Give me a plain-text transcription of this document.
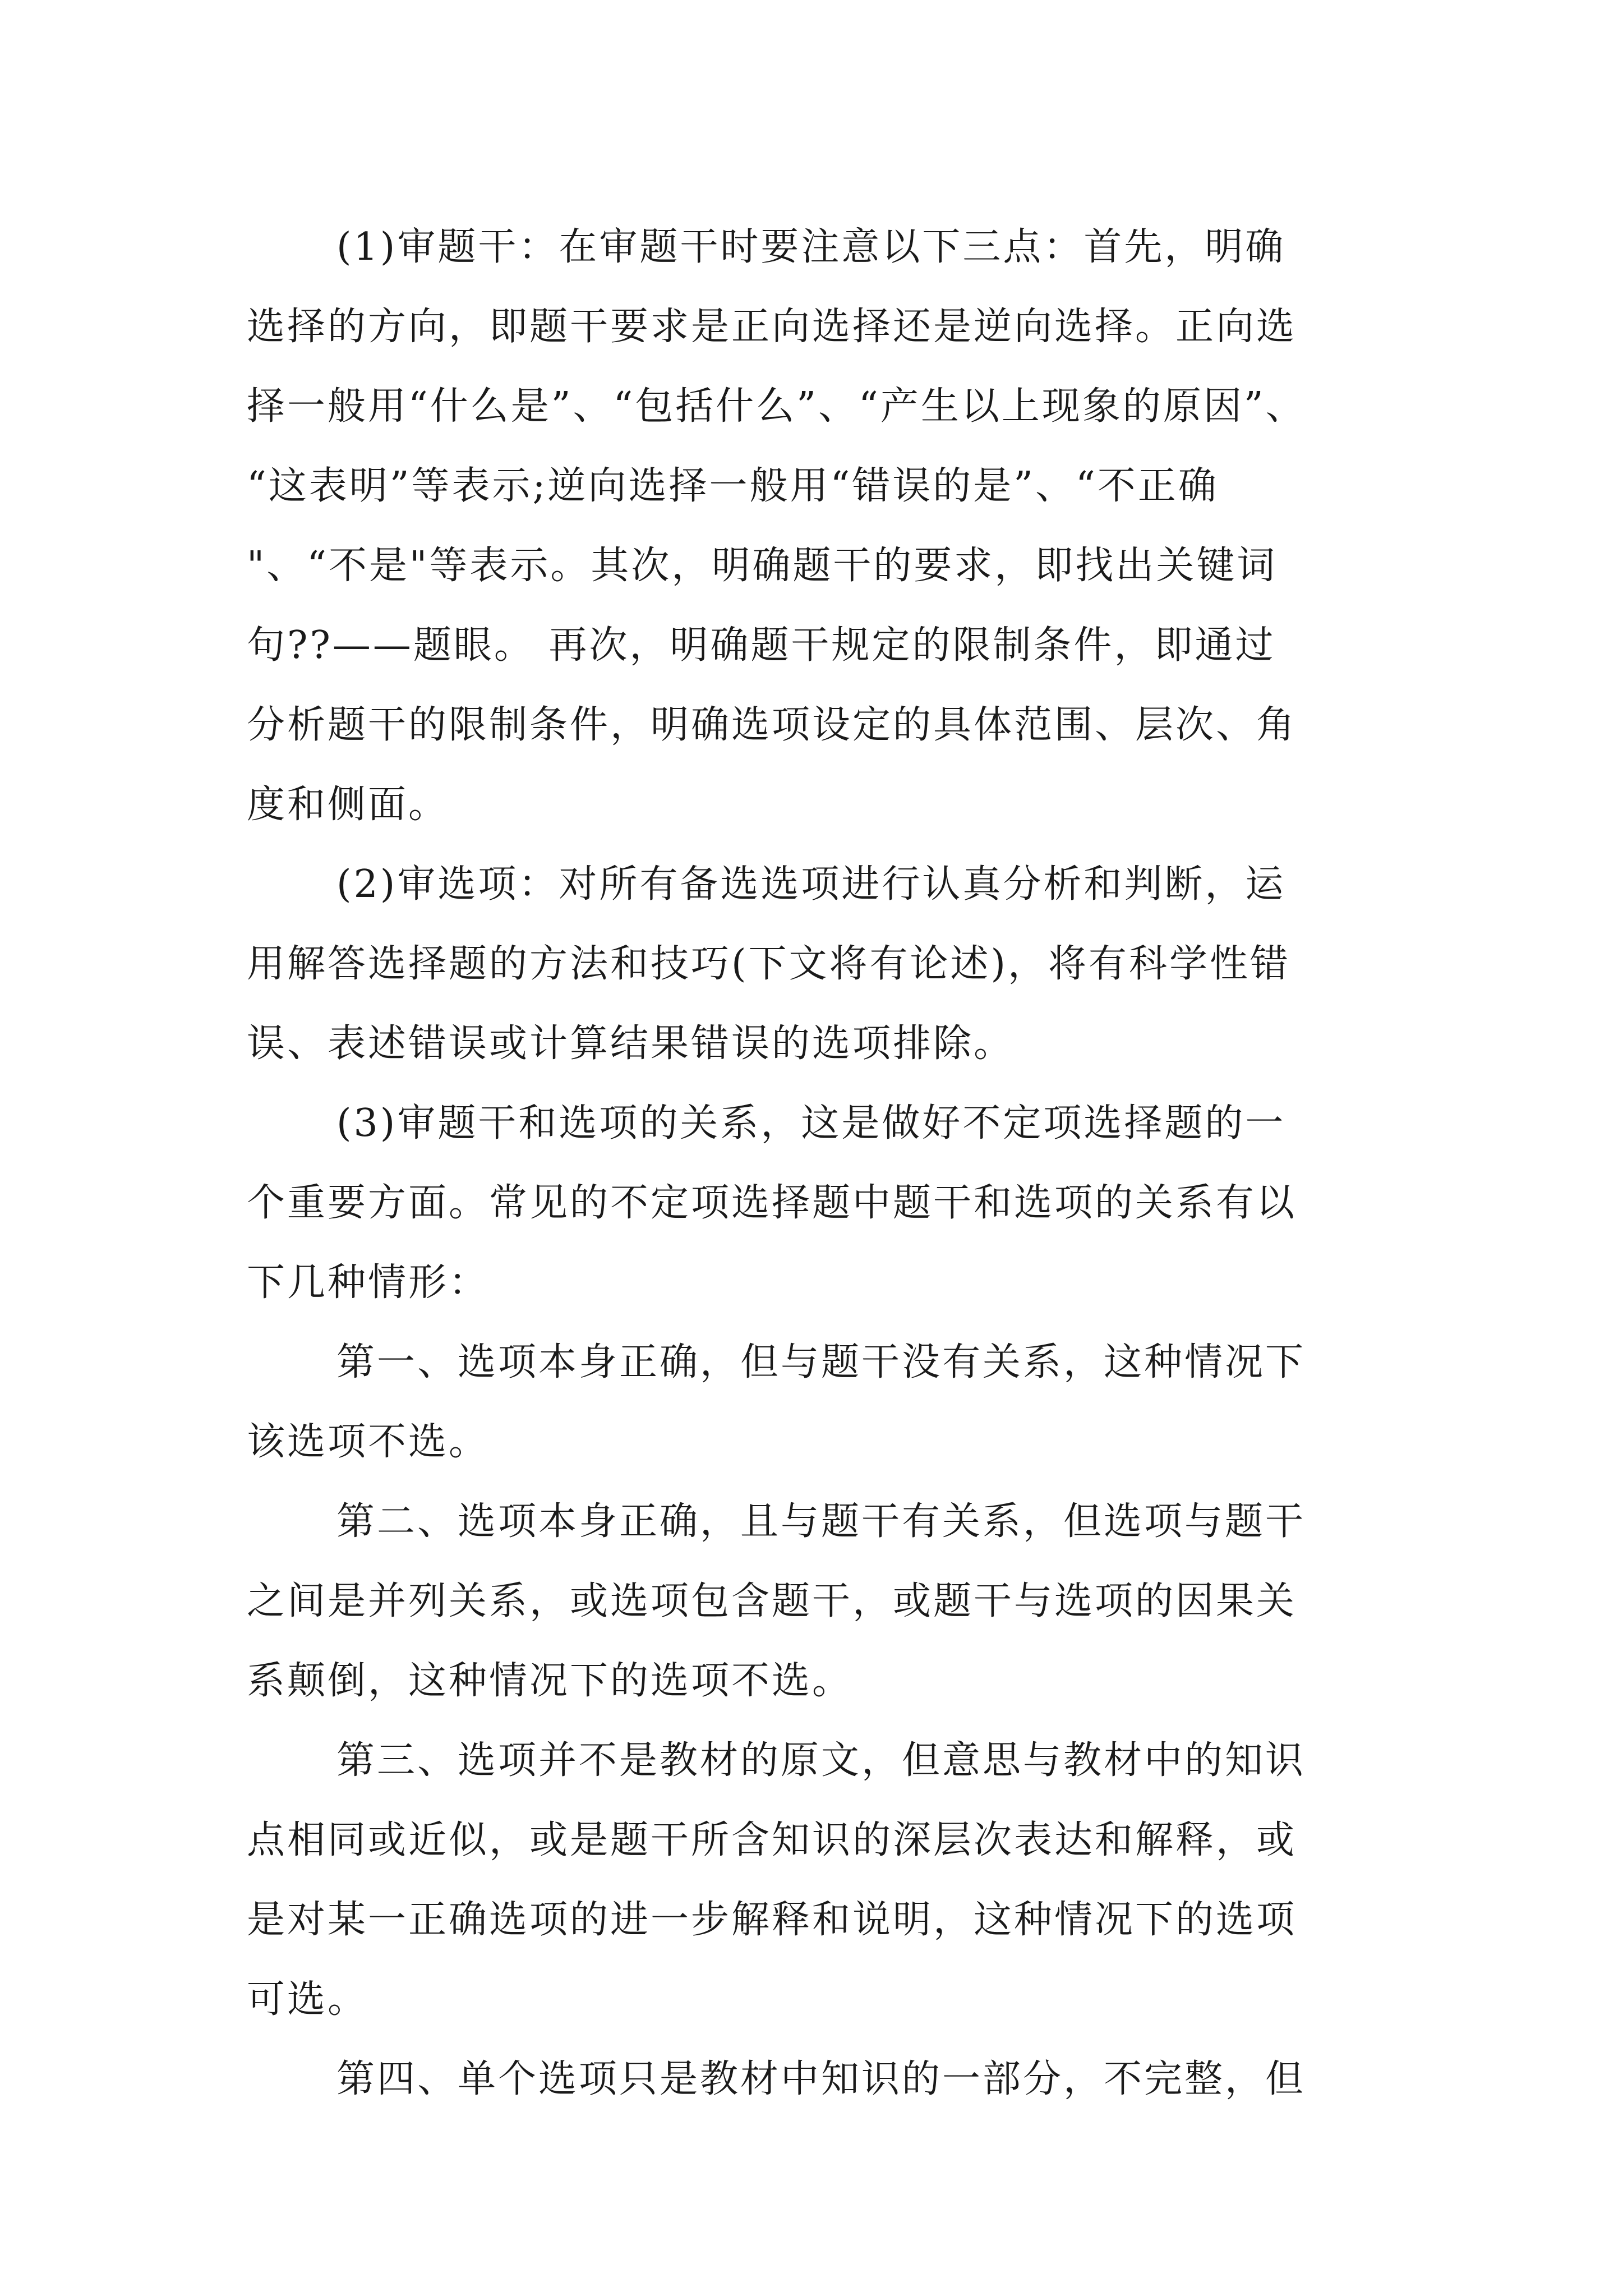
(1)审题干：在审题干时要注意以下三点：首先，明确
选择的方向，即题干要求是正向选择还是逆向选择。正向选
择一般用“什么是”、“包括什么”、“产生以上现象的原因”、
“这表明”等表示;逆向选择一般用“错误的是”、“不正确
"、“不是"等表示。其次，明确题干的要求，即找出关键词
句??——题眼。 再次，明确题干规定的限制条件，即通过
分析题干的限制条件，明确选项设定的具体范围、层次、角
度和侧面。
(2)审选项：对所有备选选项进行认真分析和判断，运
用解答选择题的方法和技巧(下文将有论述)，将有科学性错
误、表述错误或计算结果错误的选项排除。
(3)审题干和选项的关系，这是做好不定项选择题的一
个重要方面。常见的不定项选择题中题干和选项的关系有以
下几种情形：
第一、选项本身正确，但与题干没有关系，这种情况下
该选项不选。
第二、选项本身正确，且与题干有关系，但选项与题干
之间是并列关系，或选项包含题干，或题干与选项的因果关
系颠倒，这种情况下的选项不选。
第三、选项并不是教材的原文，但意思与教材中的知识
点相同或近似，或是题干所含知识的深层次表达和解释，或
是对某一正确选项的进一步解释和说明，这种情况下的选项
可选。
第四、单个选项只是教材中知识的一部分，不完整，但
